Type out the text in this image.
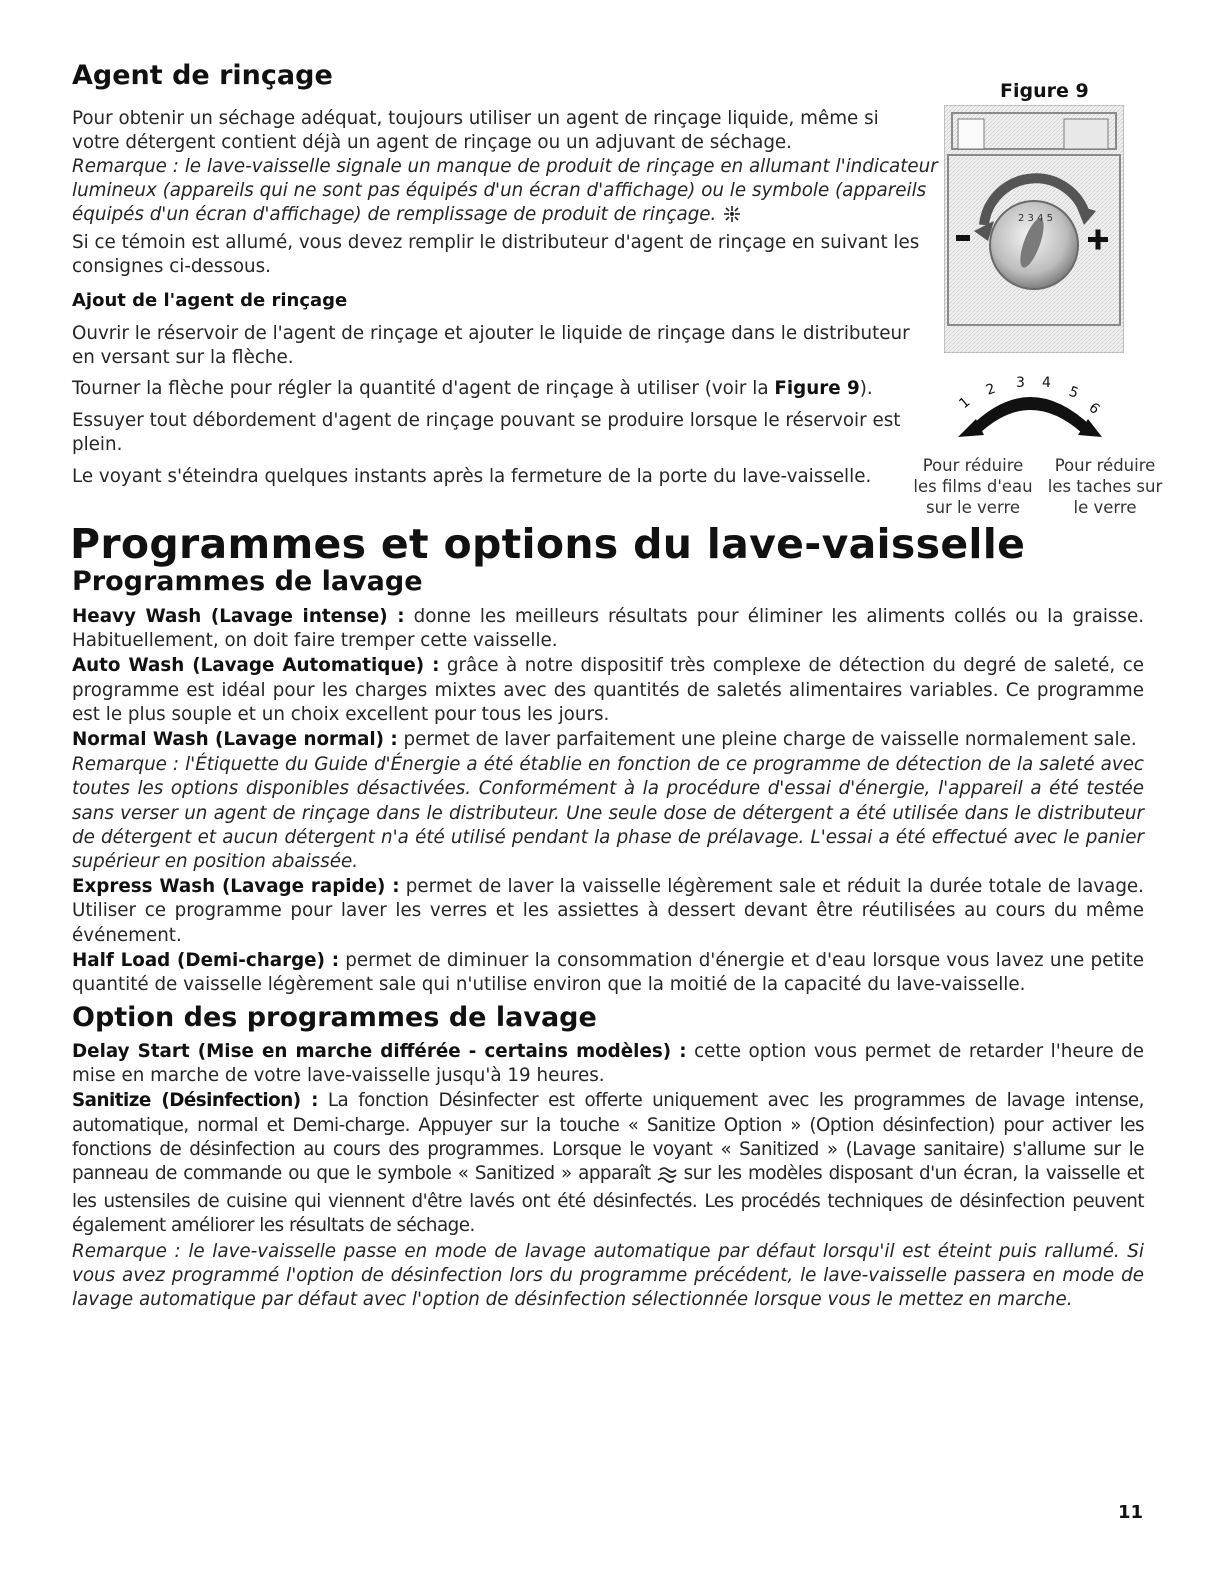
Agent de rinçage
Pour obtenir un séchage adéquat, toujours utiliser un agent de rinçage liquide, même si
votre détergent contient déjà un agent de rinçage ou un adjuvant de séchage.
Remarque : le lave-vaisselle signale un manque de produit de rinçage en allumant l'indicateur
lumineux (appareils qui ne sont pas équipés d'un écran d'affichage) ou le symbole (appareils
équipés d'un écran d'affichage) de remplissage de produit de rinçage.
Si ce témoin est allumé, vous devez remplir le distributeur d'agent de rinçage en suivant les
consignes ci-dessous.
Ajout de l'agent de rinçage
Ouvrir le réservoir de l'agent de rinçage et ajouter le liquide de rinçage dans le distributeur
en versant sur la flèche.
Tourner la flèche pour régler la quantité d'agent de rinçage à utiliser (voir la Figure 9).
Essuyer tout débordement d'agent de rinçage pouvant se produire lorsque le réservoir est
plein.
Le voyant s'éteindra quelques instants après la fermeture de la porte du lave-vaisselle.
Figure 9
2 3 4 5
1
2 3 4
5
6
Pour réduire
les films d'eau
sur le verre
Pour réduire
les taches sur
le verre
Programmes et options du lave-vaisselle
Programmes de lavage

Heavy Wash (Lavage intense) : donne les meilleurs résultats pour éliminer les aliments collés ou la graisse. Habituellement, on doit faire tremper cette vaisselle.

Auto Wash (Lavage Automatique) : grâce à notre dispositif très complexe de détection du degré de saleté, ce programme est idéal pour les charges mixtes avec des quantités de saletés alimentaires variables. Ce programme est le plus souple et un choix excellent pour tous les jours.

Normal Wash (Lavage normal) : permet de laver parfaitement une pleine charge de vaisselle normalement sale.

Remarque : l'Étiquette du Guide d'Énergie a été établie en fonction de ce programme de détection de la saleté avec toutes les options disponibles désactivées. Conformément à la procédure d'essai d'énergie, l'appareil a été testée sans verser un agent de rinçage dans le distributeur. Une seule dose de détergent a été utilisée dans le distributeur de détergent et aucun détergent n'a été utilisé pendant la phase de prélavage. L'essai a été effectué avec le panier supérieur en position abaissée.

Express Wash (Lavage rapide) : permet de laver la vaisselle légèrement sale et réduit la durée totale de lavage. Utiliser ce programme pour laver les verres et les assiettes à dessert devant être réutilisées au cours du même événement.

Half Load (Demi-charge) : permet de diminuer la consommation d'énergie et d'eau lorsque vous lavez une petite quantité de vaisselle légèrement sale qui n'utilise environ que la moitié de la capacité du lave-vaisselle.

Option des programmes de lavage

Delay Start (Mise en marche différée - certains modèles) : cette option vous permet de retarder l'heure de mise en marche de votre lave-vaisselle jusqu'à 19 heures.

Sanitize (Désinfection) : La fonction Désinfecter est offerte uniquement avec les programmes de lavage intense, automatique, normal et Demi-charge. Appuyer sur la touche « Sanitize Option » (Option désinfection) pour activer les fonctions de désinfection au cours des programmes. Lorsque le voyant « Sanitized » (Lavage sanitaire) s'allume sur le panneau de commande ou que le symbole « Sanitized » apparaît  sur les modèles disposant d'un écran, la vaisselle et les ustensiles de cuisine qui viennent d'être lavés ont été désinfectés. Les procédés techniques de désinfection peuvent également améliorer les résultats de séchage.

Remarque : le lave-vaisselle passe en mode de lavage automatique par défaut lorsqu'il est éteint puis rallumé. Si vous avez programmé l'option de désinfection lors du programme précédent, le lave-vaisselle passera en mode de lavage automatique par défaut avec l'option de désinfection sélectionnée lorsque vous le mettez en marche.

11
